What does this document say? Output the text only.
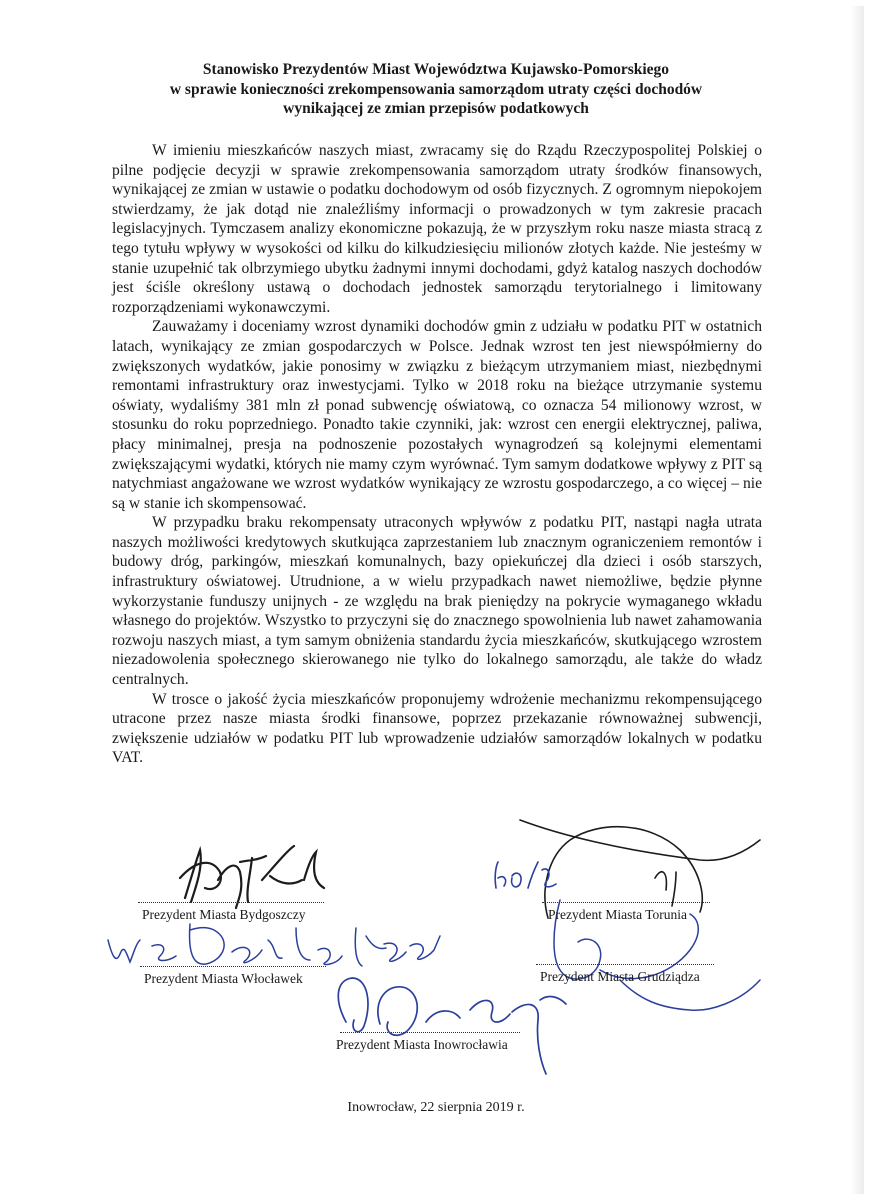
Stanowisko Prezydentów Miast Województwa Kujawsko-Pomorskiego
w sprawie konieczności zrekompensowania samorządom utraty części dochodów
wynikającej ze zmian przepisów podatkowych

W imieniu mieszkańców naszych miast, zwracamy się do Rządu Rzeczypospolitej Polskiej o pilne podjęcie decyzji w sprawie zrekompensowania samorządom utraty środków finansowych, wynikającej ze zmian w ustawie o podatku dochodowym od osób fizycznych. Z ogromnym niepokojem stwierdzamy, że jak dotąd nie znaleźliśmy informacji o prowadzonych w tym zakresie pracach legislacyjnych. Tymczasem analizy ekonomiczne pokazują, że w przyszłym roku nasze miasta stracą z tego tytułu wpływy w wysokości od kilku do kilkudziesięciu milionów złotych każde. Nie jesteśmy w stanie uzupełnić tak olbrzymiego ubytku żadnymi innymi dochodami, gdyż katalog naszych dochodów jest ściśle określony ustawą o dochodach jednostek samorządu terytorialnego i limitowany rozporządzeniami wykonawczymi.

Zauważamy i doceniamy wzrost dynamiki dochodów gmin z udziału w podatku PIT w ostatnich latach, wynikający ze zmian gospodarczych w Polsce. Jednak wzrost ten jest niewspółmierny do zwiększonych wydatków, jakie ponosimy w związku z bieżącym utrzymaniem miast, niezbędnymi remontami infrastruktury oraz inwestycjami. Tylko w 2018 roku na bieżące utrzymanie systemu oświaty, wydaliśmy 381 mln zł ponad subwencję oświatową, co oznacza 54 milionowy wzrost, w stosunku do roku poprzedniego. Ponadto takie czynniki, jak: wzrost cen energii elektrycznej, paliwa, płacy minimalnej, presja na podnoszenie pozostałych wynagrodzeń są kolejnymi elementami zwiększającymi wydatki, których nie mamy czym wyrównać. Tym samym dodatkowe wpływy z PIT są natychmiast angażowane we wzrost wydatków wynikający ze wzrostu gospodarczego, a co więcej – nie są w stanie ich skompensować.

W przypadku braku rekompensaty utraconych wpływów z podatku PIT, nastąpi nagła utrata naszych możliwości kredytowych skutkująca zaprzestaniem lub znacznym ograniczeniem remontów i budowy dróg, parkingów, mieszkań komunalnych, bazy opiekuńczej dla dzieci i osób starszych, infrastruktury oświatowej. Utrudnione, a w wielu przypadkach nawet niemożliwe, będzie płynne wykorzystanie funduszy unijnych - ze względu na brak pieniędzy na pokrycie wymaganego wkładu własnego do projektów. Wszystko to przyczyni się do znacznego spowolnienia lub nawet zahamowania rozwoju naszych miast, a tym samym obniżenia standardu życia mieszkańców, skutkującego wzrostem niezadowolenia społecznego skierowanego nie tylko do lokalnego samorządu, ale także do władz centralnych.

W trosce o jakość życia mieszkańców proponujemy wdrożenie mechanizmu rekompensującego utracone przez nasze miasta środki finansowe, poprzez przekazanie równoważnej subwencji, zwiększenie udziałów w podatku PIT lub wprowadzenie udziałów samorządów lokalnych w podatku VAT.

Prezydent Miasta Bydgoszczy	Prezydent Miasta Torunia
Prezydent Miasta Włocławek	Prezydent Miasta Grudziądza
Prezydent Miasta Inowrocławia
Inowrocław, 22 sierpnia 2019 r.
